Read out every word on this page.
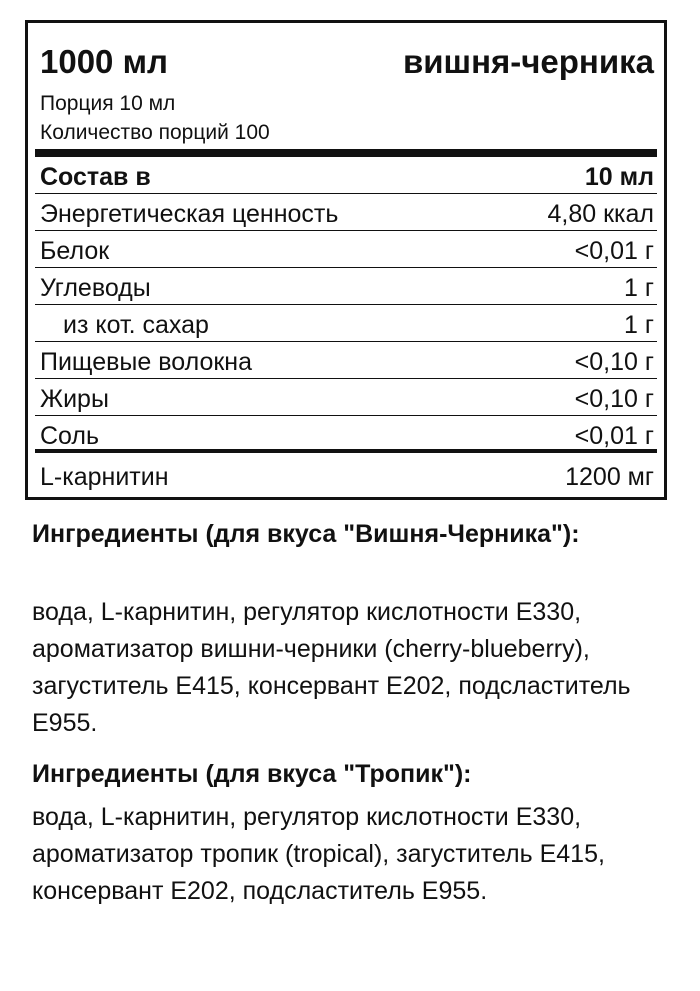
1000 мл	вишня-черника
Порция 10 мл
Количество порций 100
Состав в	10 мл
Энергетическая ценность	4,80 ккал
Белок	<0,01 г
Углеводы	1 г
из кот. сахар	1 г
Пищевые волокна	<0,10 г
Жиры	<0,10 г
Соль	<0,01 г
L-карнитин	1200 мг
Ингредиенты (для вкуса "Вишня-Черника"):
вода, L-карнитин, регулятор кислотности Е330, ароматизатор вишни-черники (cherry-blueberry), загуститель Е415, консервант Е202, подсластитель Е955.
Ингредиенты (для вкуса "Тропик"):
вода, L-карнитин, регулятор кислотности Е330, ароматизатор тропик (tropical), загуститель Е415, консервант Е202, подсластитель Е955.
